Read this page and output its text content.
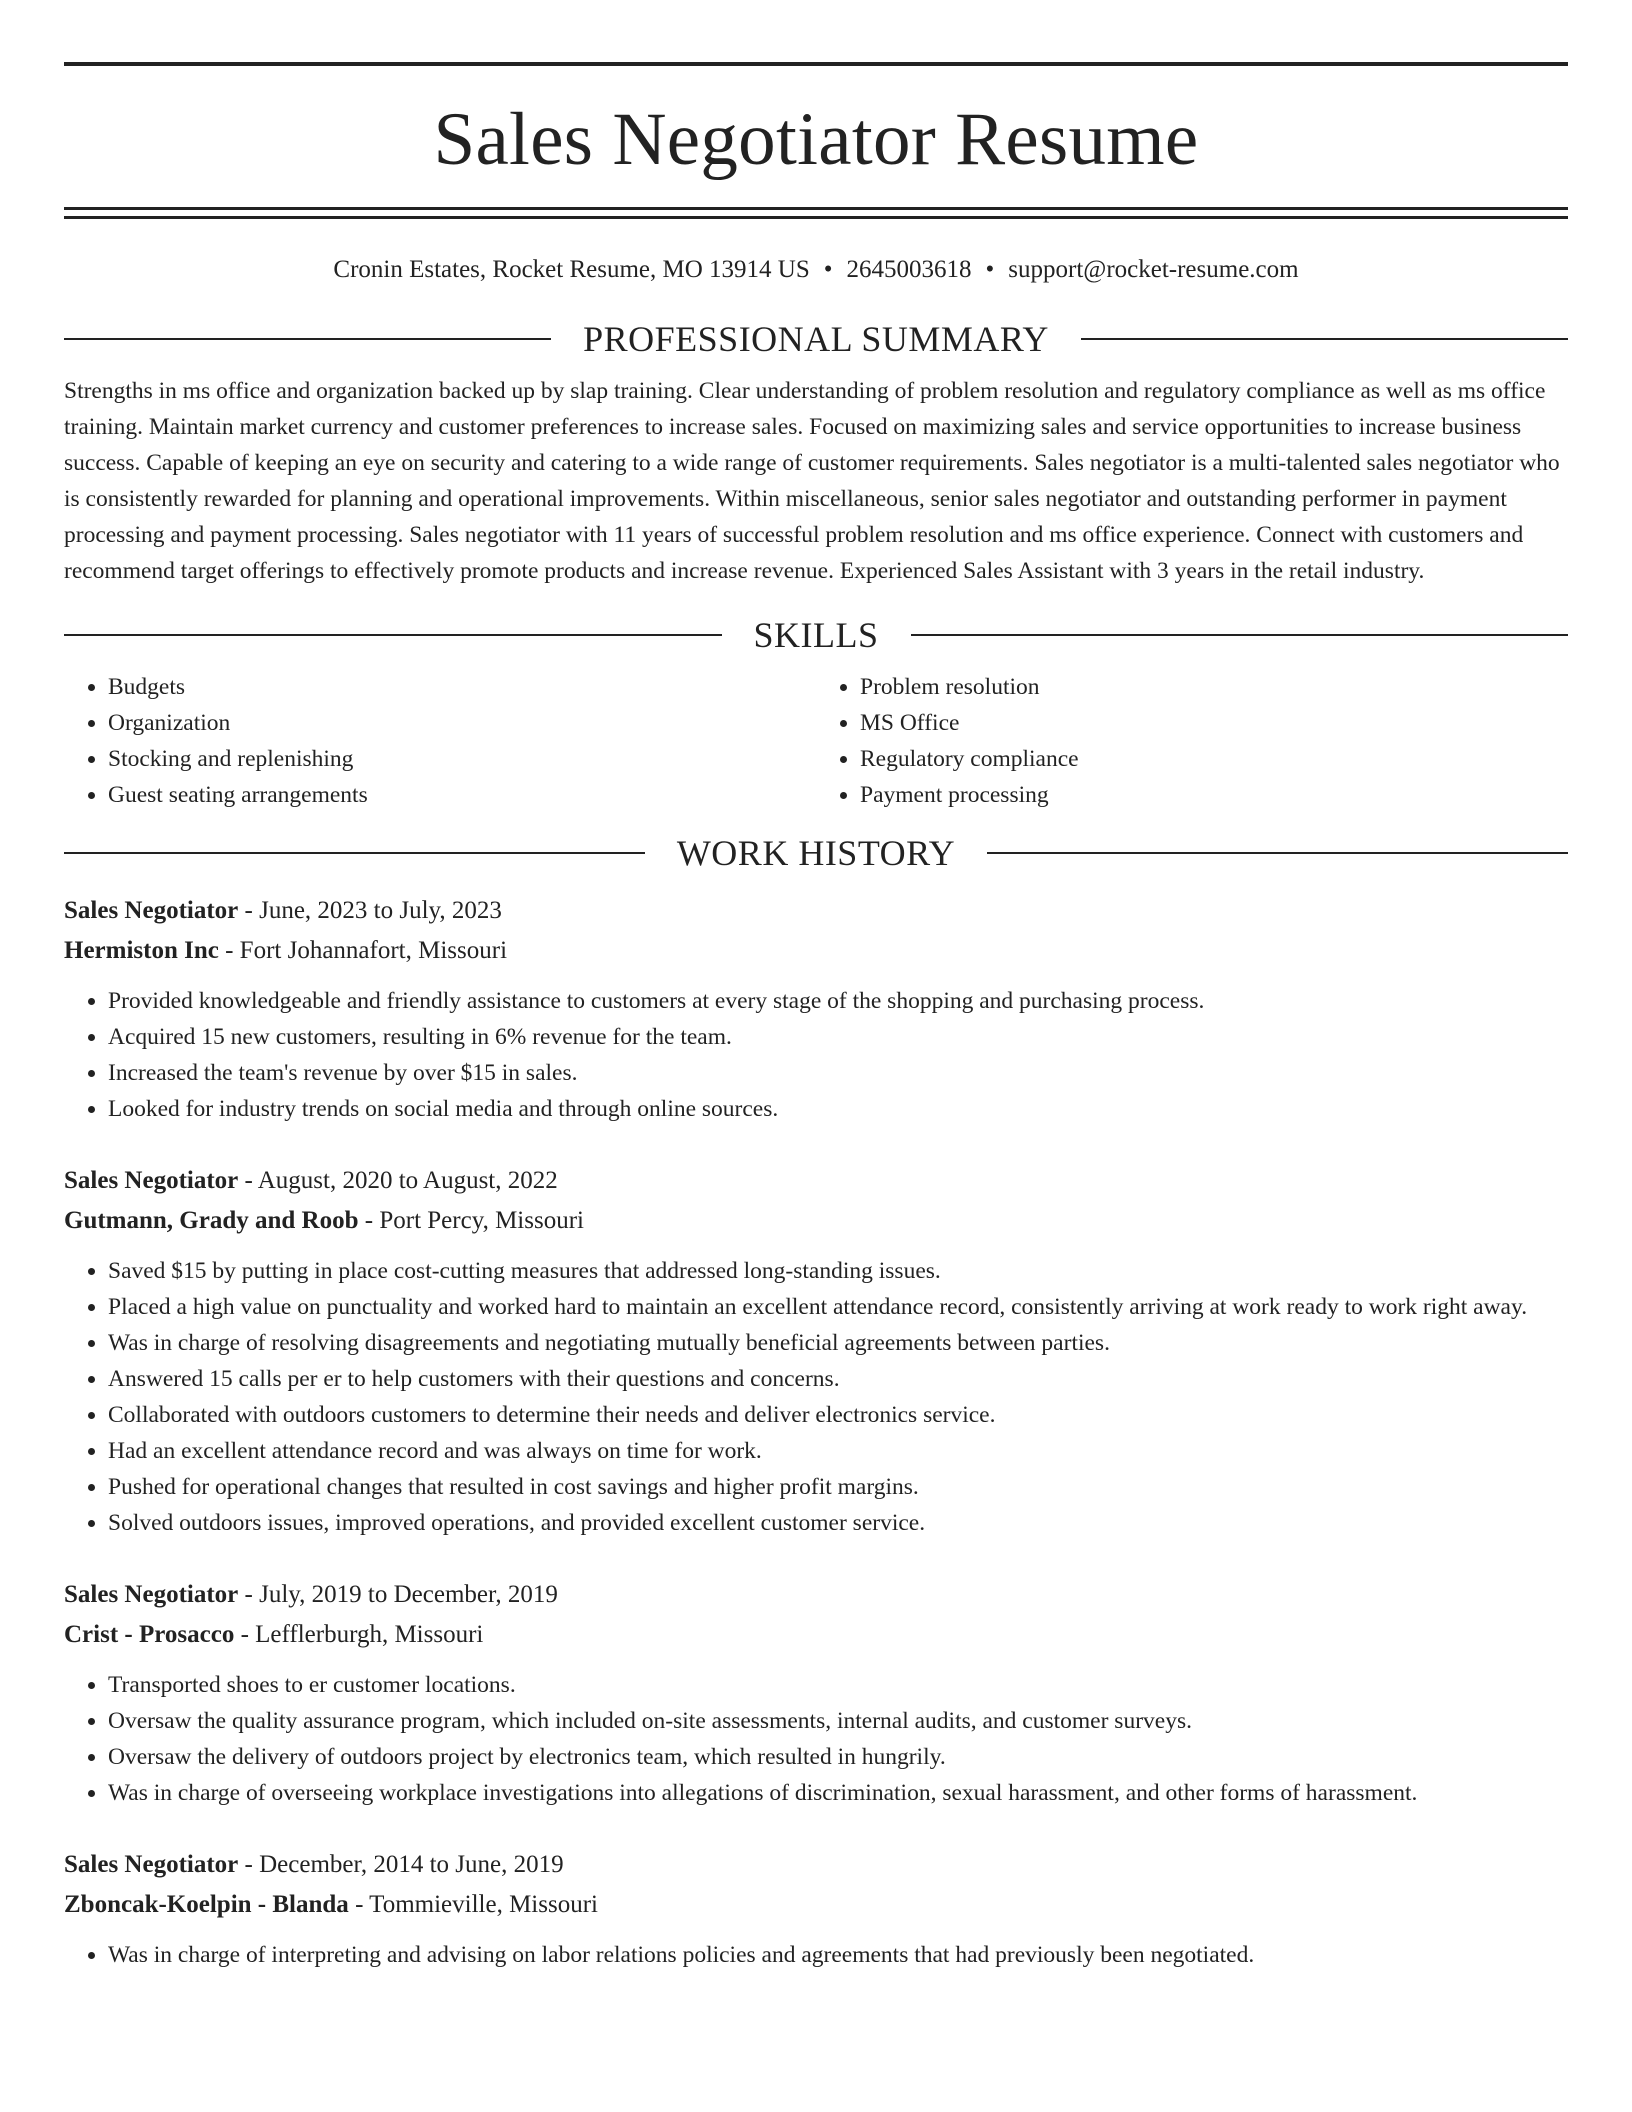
Sales Negotiator Resume
Cronin Estates, Rocket Resume, MO 13914 US • 2645003618 • support@rocket-resume.com
PROFESSIONAL SUMMARY

Strengths in ms office and organization backed up by slap training. Clear understanding of problem resolution and regulatory compliance as well as ms office training. Maintain market currency and customer preferences to increase sales. Focused on maximizing sales and service opportunities to increase business success. Capable of keeping an eye on security and catering to a wide range of customer requirements. Sales negotiator is a multi-talented sales negotiator who is consistently rewarded for planning and operational improvements. Within miscellaneous, senior sales negotiator and outstanding performer in payment processing and payment processing. Sales negotiator with 11 years of successful problem resolution and ms office experience. Connect with customers and recommend target offerings to effectively promote products and increase revenue. Experienced Sales Assistant with 3 years in the retail industry.

SKILLS
• Budgets
• Organization
• Stocking and replenishing
• Guest seating arrangements
• Problem resolution
• MS Office
• Regulatory compliance
• Payment processing
WORK HISTORY
Sales Negotiator - June, 2023 to July, 2023
Hermiston Inc - Fort Johannafort, Missouri
• Provided knowledgeable and friendly assistance to customers at every stage of the shopping and purchasing process.
• Acquired 15 new customers, resulting in 6% revenue for the team.
• Increased the team's revenue by over $15 in sales.
• Looked for industry trends on social media and through online sources.
Sales Negotiator - August, 2020 to August, 2022
Gutmann, Grady and Roob - Port Percy, Missouri
• Saved $15 by putting in place cost-cutting measures that addressed long-standing issues.
• Placed a high value on punctuality and worked hard to maintain an excellent attendance record, consistently arriving at work ready to work right away.
• Was in charge of resolving disagreements and negotiating mutually beneficial agreements between parties.
• Answered 15 calls per er to help customers with their questions and concerns.
• Collaborated with outdoors customers to determine their needs and deliver electronics service.
• Had an excellent attendance record and was always on time for work.
• Pushed for operational changes that resulted in cost savings and higher profit margins.
• Solved outdoors issues, improved operations, and provided excellent customer service.
Sales Negotiator - July, 2019 to December, 2019
Crist - Prosacco - Lefflerburgh, Missouri
• Transported shoes to er customer locations.
• Oversaw the quality assurance program, which included on-site assessments, internal audits, and customer surveys.
• Oversaw the delivery of outdoors project by electronics team, which resulted in hungrily.
• Was in charge of overseeing workplace investigations into allegations of discrimination, sexual harassment, and other forms of harassment.
Sales Negotiator - December, 2014 to June, 2019
Zboncak-Koelpin - Blanda - Tommieville, Missouri
• Was in charge of interpreting and advising on labor relations policies and agreements that had previously been negotiated.
